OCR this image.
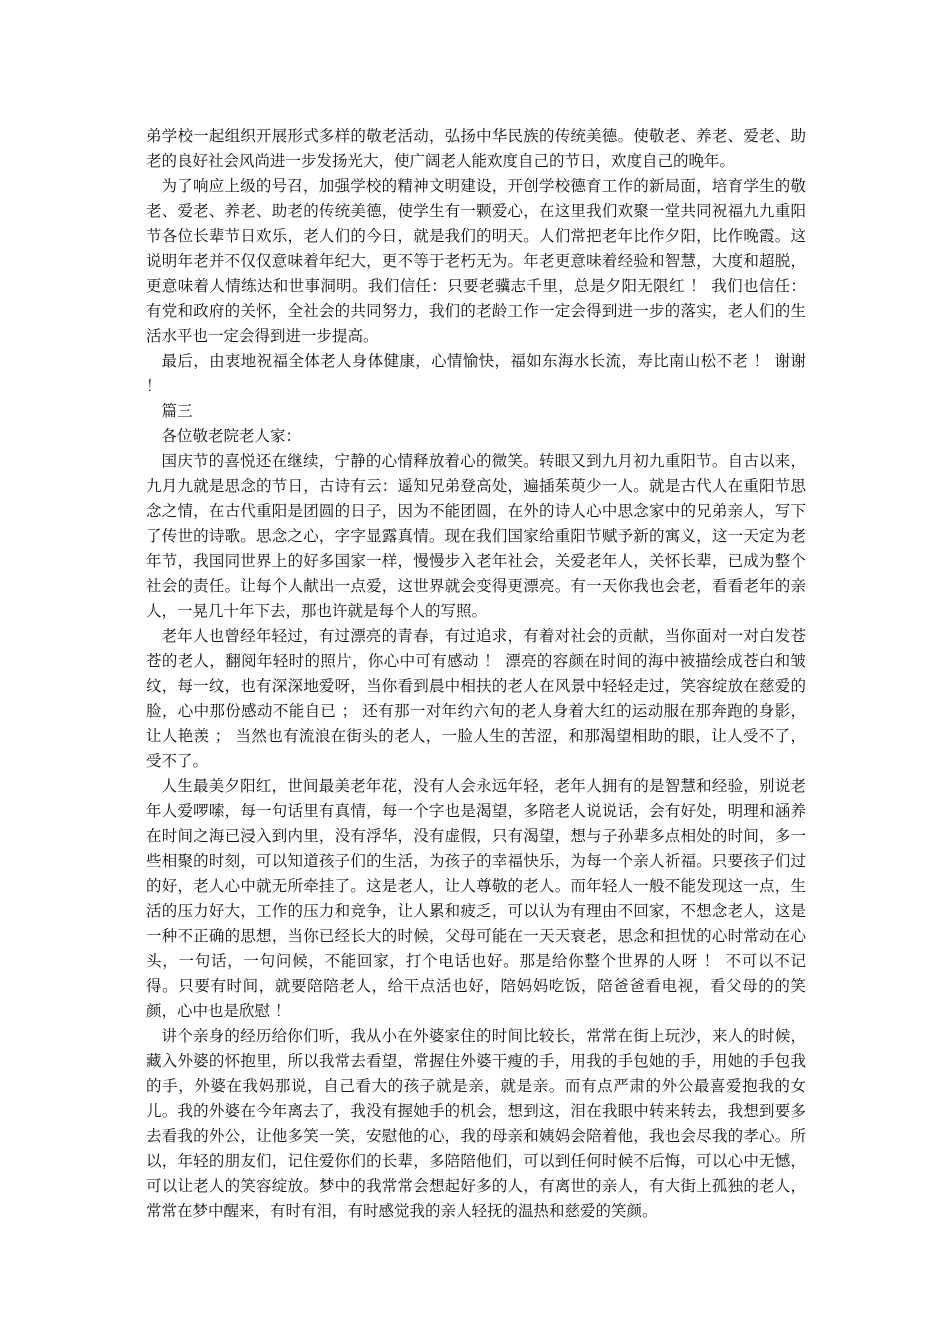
弟学校一起组织开展形式多样的敬老活动，弘扬中华民族的传统美德。使敬老、养老、爱老、助老的良好社会风尚进一步发扬光大，使广阔老人能欢度自己的节日，欢度自己的晚年。

为了响应上级的号召，加强学校的精神文明建设，开创学校德育工作的新局面，培育学生的敬老、爱老、养老、助老的传统美德，使学生有一颗爱心，在这里我们欢聚一堂共同祝福九九重阳节各位长辈节日欢乐，老人们的今日，就是我们的明天。人们常把老年比作夕阳，比作晚霞。这说明年老并不仅仅意味着年纪大，更不等于老朽无为。年老更意味着经验和智慧，大度和超脱，更意味着人情练达和世事洞明。我们信任：只要老骥志千里，总是夕阳无限红 ！ 我们也信任：有党和政府的关怀，全社会的共同努力，我们的老龄工作一定会得到进一步的落实，老人们的生活水平也一定会得到进一步提高。

最后，由衷地祝福全体老人身体健康，心情愉快，福如东海水长流，寿比南山松不老 ！ 谢谢 ！

篇三

各位敬老院老人家：

国庆节的喜悦还在继续，宁静的心情释放着心的微笑。转眼又到九月初九重阳节。自古以来，九月九就是思念的节日，古诗有云：遥知兄弟登高处，遍插茱萸少一人。就是古代人在重阳节思念之情，在古代重阳是团圆的日子，因为不能团圆，在外的诗人心中思念家中的兄弟亲人，写下了传世的诗歌。思念之心，字字显露真情。现在我们国家给重阳节赋予新的寓义，这一天定为老年节，我国同世界上的好多国家一样，慢慢步入老年社会，关爱老年人，关怀长辈，已成为整个社会的责任。让每个人献出一点爱，这世界就会变得更漂亮。有一天你我也会老，看看老年的亲人，一晃几十年下去，那也许就是每个人的写照。

老年人也曾经年轻过，有过漂亮的青春，有过追求，有着对社会的贡献，当你面对一对白发苍苍的老人，翻阅年轻时的照片，你心中可有感动 ！ 漂亮的容颜在时间的海中被描绘成苍白和皱纹，每一纹，也有深深地爱呀，当你看到晨中相扶的老人在风景中轻轻走过，笑容绽放在慈爱的脸，心中那份感动不能自已 ； 还有那一对年约六旬的老人身着大红的运动服在那奔跑的身影，让人艳羡 ； 当然也有流浪在街头的老人，一脸人生的苦涩，和那渴望相助的眼，让人受不了，受不了。

人生最美夕阳红，世间最美老年花，没有人会永远年轻，老年人拥有的是智慧和经验，别说老年人爱啰嗦，每一句话里有真情，每一个字也是渴望，多陪老人说说话，会有好处，明理和涵养在时间之海已浸入到内里，没有浮华，没有虚假，只有渴望，想与子孙辈多点相处的时间，多一些相聚的时刻，可以知道孩子们的生活，为孩子的幸福快乐，为每一个亲人祈福。只要孩子们过的好，老人心中就无所牵挂了。这是老人，让人尊敬的老人。而年轻人一般不能发现这一点，生活的压力好大，工作的压力和竞争，让人累和疲乏，可以认为有理由不回家，不想念老人，这是一种不正确的思想，当你已经长大的时候，父母可能在一天天衰老，思念和担忧的心时常动在心头，一句话，一句问候，不能回家，打个电话也好。那是给你整个世界的人呀 ！ 不可以不记得。只要有时间，就要陪陪老人，给干点活也好，陪妈妈吃饭，陪爸爸看电视，看父母的的笑颜，心中也是欣慰 ！

讲个亲身的经历给你们听，我从小在外婆家住的时间比较长，常常在街上玩沙，来人的时候，藏入外婆的怀抱里，所以我常去看望，常握住外婆干瘦的手，用我的手包她的手，用她的手包我的手，外婆在我妈那说，自己看大的孩子就是亲，就是亲。而有点严肃的外公最喜爱抱我的女儿。我的外婆在今年离去了，我没有握她手的机会，想到这，泪在我眼中转来转去，我想到要多去看我的外公，让他多笑一笑，安慰他的心，我的母亲和姨妈会陪着他，我也会尽我的孝心。所以，年轻的朋友们，记住爱你们的长辈，多陪陪他们，可以到任何时候不后悔，可以心中无憾，可以让老人的笑容绽放。梦中的我常常会想起好多的人，有离世的亲人，有大街上孤独的老人，常常在梦中醒来，有时有泪，有时感觉我的亲人轻抚的温热和慈爱的笑颜。
